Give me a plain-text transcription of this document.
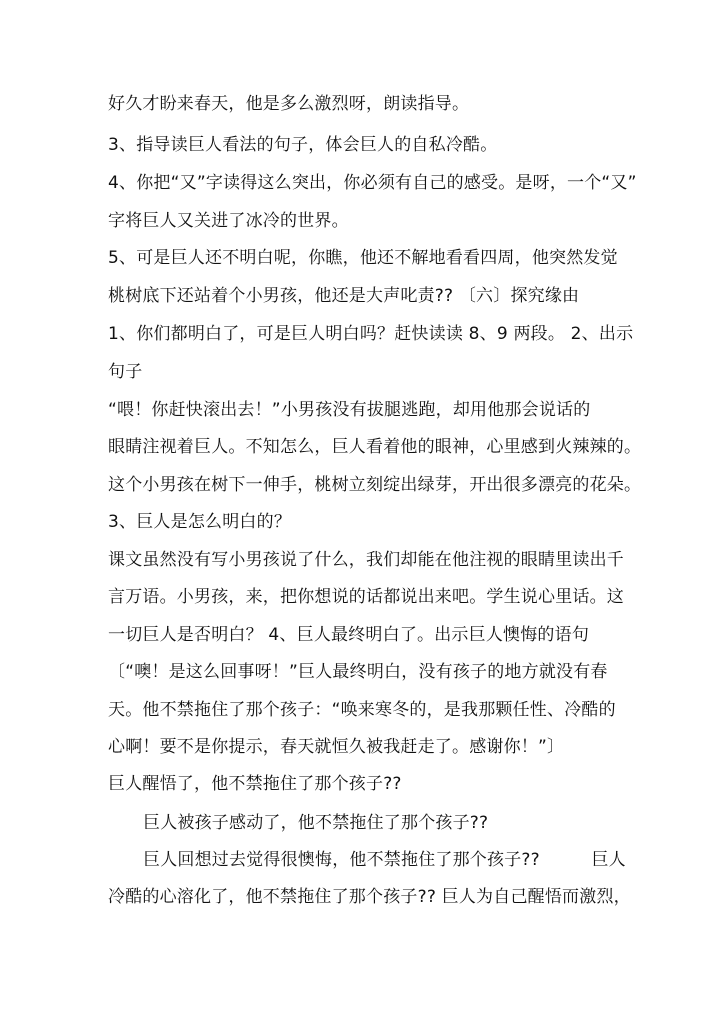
好久才盼来春天，他是多么激烈呀，朗读指导。
3、指导读巨人看法的句子，体会巨人的自私冷酷。
4、你把“又”字读得这么突出，你必须有自己的感受。是呀，一个“又”
字将巨人又关进了冰冷的世界。
5、可是巨人还不明白呢，你瞧，他还不解地看看四周，他突然发觉
桃树底下还站着个小男孩，他还是大声叱责?? 〔六〕探究缘由
1、你们都明白了，可是巨人明白吗？赶快读读 8、9 两段。 2、出示
句子
“喂！你赶快滚出去！”小男孩没有拔腿逃跑，却用他那会说话的
眼睛注视着巨人。不知怎么，巨人看着他的眼神，心里感到火辣辣的。
这个小男孩在树下一伸手，桃树立刻绽出绿芽，开出很多漂亮的花朵。
3、巨人是怎么明白的？
课文虽然没有写小男孩说了什么，我们却能在他注视的眼睛里读出千
言万语。小男孩，来，把你想说的话都说出来吧。学生说心里话。这
一切巨人是否明白？ 4、巨人最终明白了。出示巨人懊悔的语句
〔“噢！是这么回事呀！”巨人最终明白，没有孩子的地方就没有春
天。他不禁拖住了那个孩子：“唤来寒冬的，是我那颗任性、冷酷的
心啊！要不是你提示，春天就恒久被我赶走了。感谢你！”〕
巨人醒悟了，他不禁拖住了那个孩子??
巨人被孩子感动了，他不禁拖住了那个孩子??
巨人回想过去觉得很懊悔，他不禁拖住了那个孩子??　　　巨人
冷酷的心溶化了，他不禁拖住了那个孩子?? 巨人为自己醒悟而激烈，
